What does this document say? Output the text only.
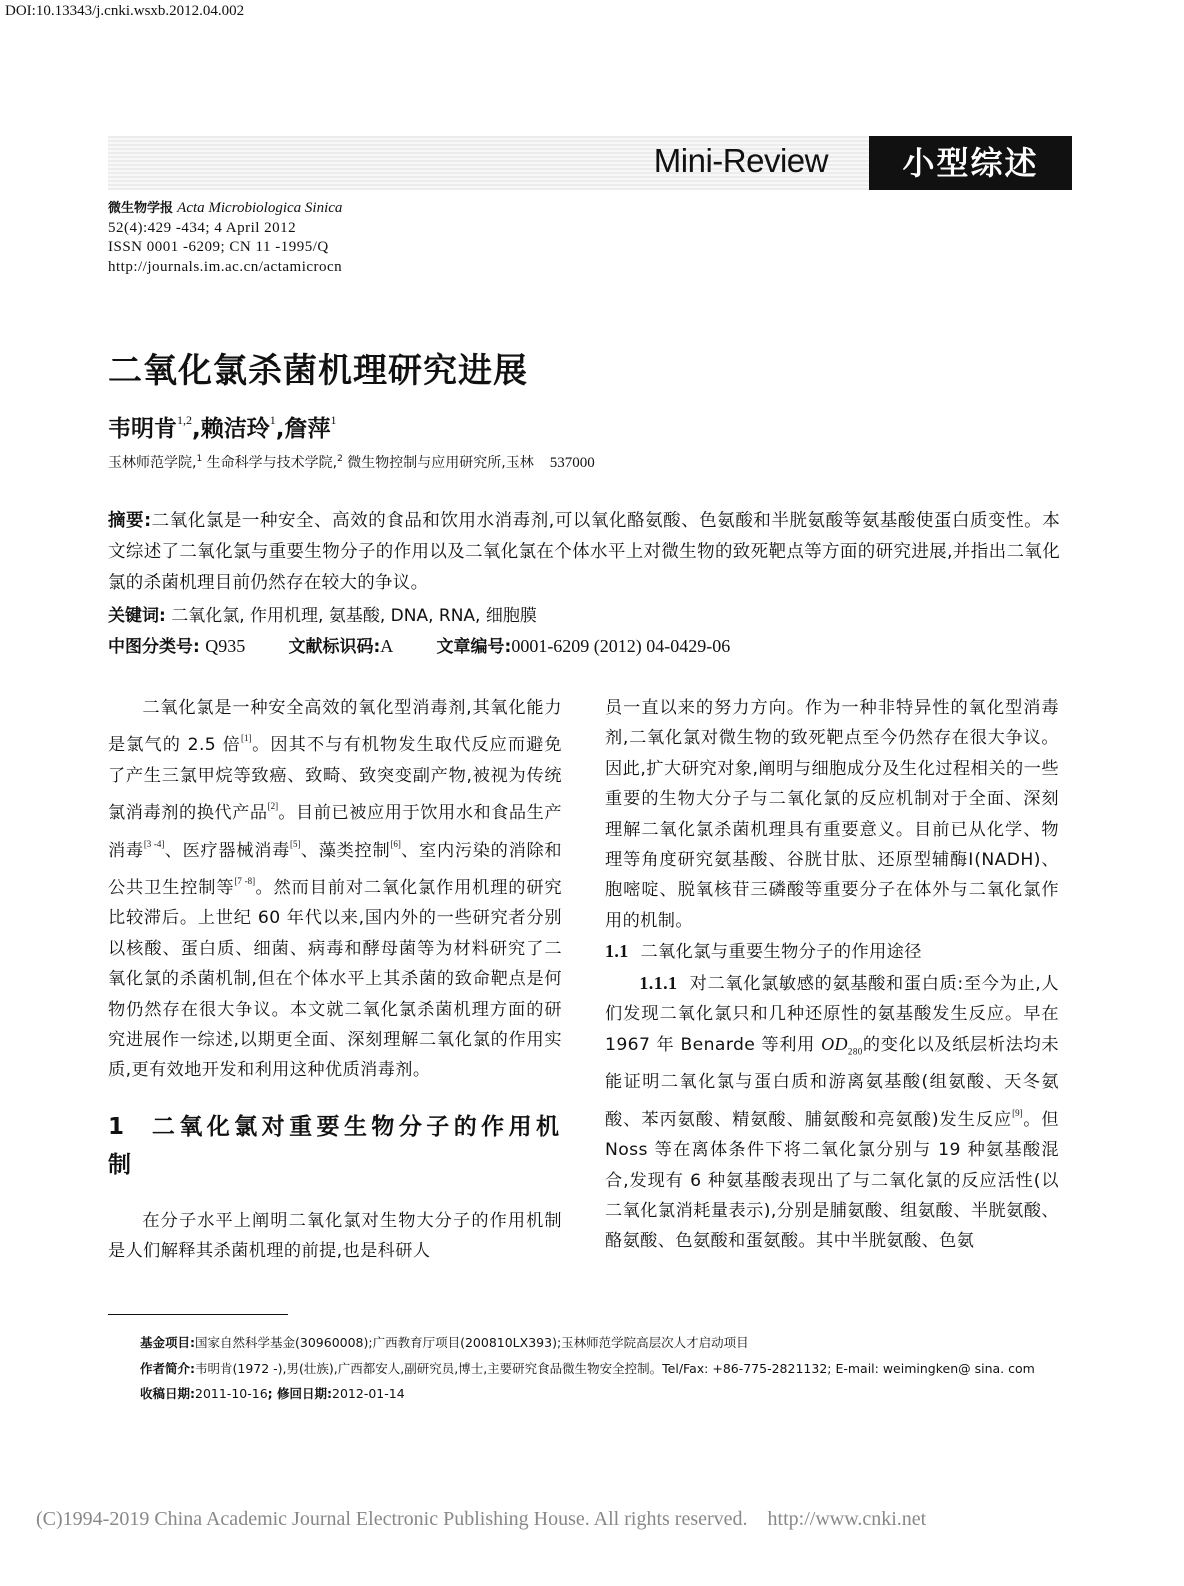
DOI:10.13343/j.cnki.wsxb.2012.04.002
Mini-Review	小型综述
微生物学报 Acta Microbiologica Sinica
52(4):429 -434; 4 April 2012
ISSN 0001 -6209; CN 11 -1995/Q
http://journals.im.ac.cn/actamicrocn
二氧化氯杀菌机理研究进展
韦明肯$^{1,2}$,赖洁玲$^1$,詹萍$^1$
玉林师范学院,$^1$ 生命科学与技术学院,$^2$ 微生物控制与应用研究所,玉林 537000
摘要:二氧化氯是一种安全、高效的食品和饮用水消毒剂,可以氧化酪氨酸、色氨酸和半胱氨酸等氨基酸使蛋白质变性。本文综述了二氧化氯与重要生物分子的作用以及二氧化氯在个体水平上对微生物的致死靶点等方面的研究进展,并指出二氧化氯的杀菌机理目前仍然存在较大的争议。
关键词: 二氧化氯, 作用机理, 氨基酸, DNA, RNA, 细胞膜
中图分类号: Q935	文献标识码:A	文章编号:0001-6209 (2012) 04-0429-06

二氧化氯是一种安全高效的氧化型消毒剂,其氧化能力是氯气的 2.5 倍[1]。因其不与有机物发生取代反应而避免了产生三氯甲烷等致癌、致畸、致突变副产物,被视为传统氯消毒剂的换代产品[2]。目前已被应用于饮用水和食品生产消毒[3 -4]、医疗器械消毒[5]、藻类控制[6]、室内污染的消除和公共卫生控制等[7 -8]。然而目前对二氧化氯作用机理的研究比较滞后。上世纪 60 年代以来,国内外的一些研究者分别以核酸、蛋白质、细菌、病毒和酵母菌等为材料研究了二氧化氯的杀菌机制,但在个体水平上其杀菌的致命靶点是何物仍然存在很大争议。本文就二氧化氯杀菌机理方面的研究进展作一综述,以期更全面、深刻理解二氧化氯的作用实质,更有效地开发和利用这种优质消毒剂。

1 二氧化氯对重要生物分子的作用机制

在分子水平上阐明二氧化氯对生物大分子的作用机制是人们解释其杀菌机理的前提,也是科研人

员一直以来的努力方向。作为一种非特异性的氧化型消毒剂,二氧化氯对微生物的致死靶点至今仍然存在很大争议。因此,扩大研究对象,阐明与细胞成分及生化过程相关的一些重要的生物大分子与二氧化氯的反应机制对于全面、深刻理解二氧化氯杀菌机理具有重要意义。目前已从化学、物理等角度研究氨基酸、谷胱甘肽、还原型辅酶Ⅰ(NADH)、胞嘧啶、脱氧核苷三磷酸等重要分子在体外与二氧化氯作用的机制。

1.1 二氧化氯与重要生物分子的作用途径

1.1.1 对二氧化氯敏感的氨基酸和蛋白质:至今为止,人们发现二氧化氯只和几种还原性的氨基酸发生反应。早在 1967 年 Benarde 等利用 $OD_{280}$的变化以及纸层析法均未能证明二氧化氯与蛋白质和游离氨基酸(组氨酸、天冬氨酸、苯丙氨酸、精氨酸、脯氨酸和亮氨酸)发生反应[9]。但 Noss 等在离体条件下将二氧化氯分别与 19 种氨基酸混合,发现有 6 种氨基酸表现出了与二氧化氯的反应活性(以二氧化氯消耗量表示),分别是脯氨酸、组氨酸、半胱氨酸、酪氨酸、色氨酸和蛋氨酸。其中半胱氨酸、色氨

基金项目:国家自然科学基金(30960008);广西教育厅项目(200810LX393);玉林师范学院高层次人才启动项目
作者简介:韦明肯(1972 -),男(壮族),广西都安人,副研究员,博士,主要研究食品微生物安全控制。Tel/Fax: +86-775-2821132; E-mail: weimingken@ sina. com
收稿日期:2011-10-16; 修回日期:2012-01-14
(C)1994-2019 China Academic Journal Electronic Publishing House. All rights reserved.    http://www.cnki.net
